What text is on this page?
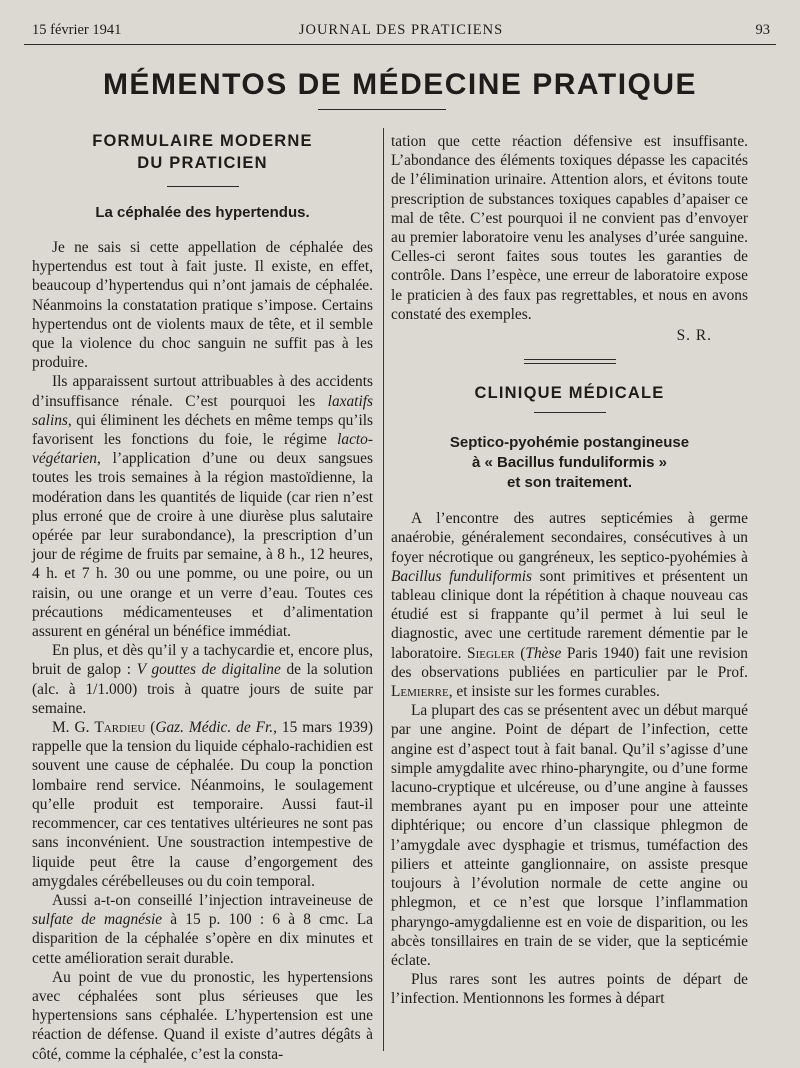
15 février 1941	JOURNAL DES PRATICIENS	93
MÉMENTOS DE MÉDECINE PRATIQUE
FORMULAIRE MODERNE
DU PRATICIEN
La céphalée des hypertendus.

Je ne sais si cette appellation de céphalée des hypertendus est tout à fait juste. Il existe, en effet, beaucoup d’hypertendus qui n’ont jamais de céphalée. Néanmoins la constatation pratique s’impose. Certains hypertendus ont de violents maux de tête, et il semble que la violence du choc sanguin ne suffit pas à les produire.

Ils apparaissent surtout attribuables à des accidents d’insuffisance rénale. C’est pourquoi les laxatifs salins, qui éliminent les déchets en même temps qu’ils favorisent les fonctions du foie, le régime lacto-végétarien, l’application d’une ou deux sangsues toutes les trois semaines à la région mastoïdienne, la modération dans les quantités de liquide (car rien n’est plus erroné que de croire à une diurèse plus salutaire opérée par leur surabondance), la prescription d’un jour de régime de fruits par semaine, à 8 h., 12 heures, 4 h. et 7 h. 30 ou une pomme, ou une poire, ou un raisin, ou une orange et un verre d’eau. Toutes ces précautions médicamenteuses et d’alimentation assurent en général un bénéfice immédiat.

En plus, et dès qu’il y a tachycardie et, encore plus, bruit de galop : V gouttes de digitaline de la solution (alc. à 1/1.000) trois à quatre jours de suite par semaine.

M. G. Tardieu (Gaz. Médic. de Fr., 15 mars 1939) rappelle que la tension du liquide céphalo-rachidien est souvent une cause de céphalée. Du coup la ponction lombaire rend service. Néanmoins, le soulagement qu’elle produit est temporaire. Aussi faut-il recommencer, car ces tentatives ultérieures ne sont pas sans inconvénient. Une soustraction intempestive de liquide peut être la cause d’engorgement des amygdales cérébelleuses ou du coin temporal.

Aussi a-t-on conseillé l’injection intraveineuse de sulfate de magnésie à 15 p. 100 : 6 à 8 cmc. La disparition de la céphalée s’opère en dix minutes et cette amélioration serait durable.

Au point de vue du pronostic, les hypertensions avec céphalées sont plus sérieuses que les hypertensions sans céphalée. L’hypertension est une réaction de défense. Quand il existe d’autres dégâts à côté, comme la céphalée, c’est la consta-

tation que cette réaction défensive est insuffisante. L’abondance des éléments toxiques dépasse les capacités de l’élimination urinaire. Attention alors, et évitons toute prescription de substances toxiques capables d’apaiser ce mal de tête. C’est pourquoi il ne convient pas d’envoyer au premier laboratoire venu les analyses d’urée sanguine. Celles-ci seront faites sous toutes les garanties de contrôle. Dans l’espèce, une erreur de laboratoire expose le praticien à des faux pas regrettables, et nous en avons constaté des exemples.

S. R.
CLINIQUE MÉDICALE
Septico-pyohémie postangineuse
à « Bacillus funduliformis »
et son traitement.

A l’encontre des autres septicémies à germe anaérobie, généralement secondaires, consécutives à un foyer nécrotique ou gangréneux, les septico-pyohémies à Bacillus funduliformis sont primitives et présentent un tableau clinique dont la répétition à chaque nouveau cas étudié est si frappante qu’il permet à lui seul le diagnostic, avec une certitude rarement démentie par le laboratoire. Siegler (Thèse Paris 1940) fait une revision des observations publiées en particulier par le Prof. Lemierre, et insiste sur les formes curables.

La plupart des cas se présentent avec un début marqué par une angine. Point de départ de l’infection, cette angine est d’aspect tout à fait banal. Qu’il s’agisse d’une simple amygdalite avec rhino-pharyngite, ou d’une forme lacuno-cryptique et ulcéreuse, ou d’une angine à fausses membranes ayant pu en imposer pour une atteinte diphtérique; ou encore d’un classique phlegmon de l’amygdale avec dysphagie et trismus, tuméfaction des piliers et atteinte ganglionnaire, on assiste presque toujours à l’évolution normale de cette angine ou phlegmon, et ce n’est que lorsque l’inflammation pharyngo-amygdalienne est en voie de disparition, ou les abcès tonsillaires en train de se vider, que la septicémie éclate.

Plus rares sont les autres points de départ de l’infection. Mentionnons les formes à départ
